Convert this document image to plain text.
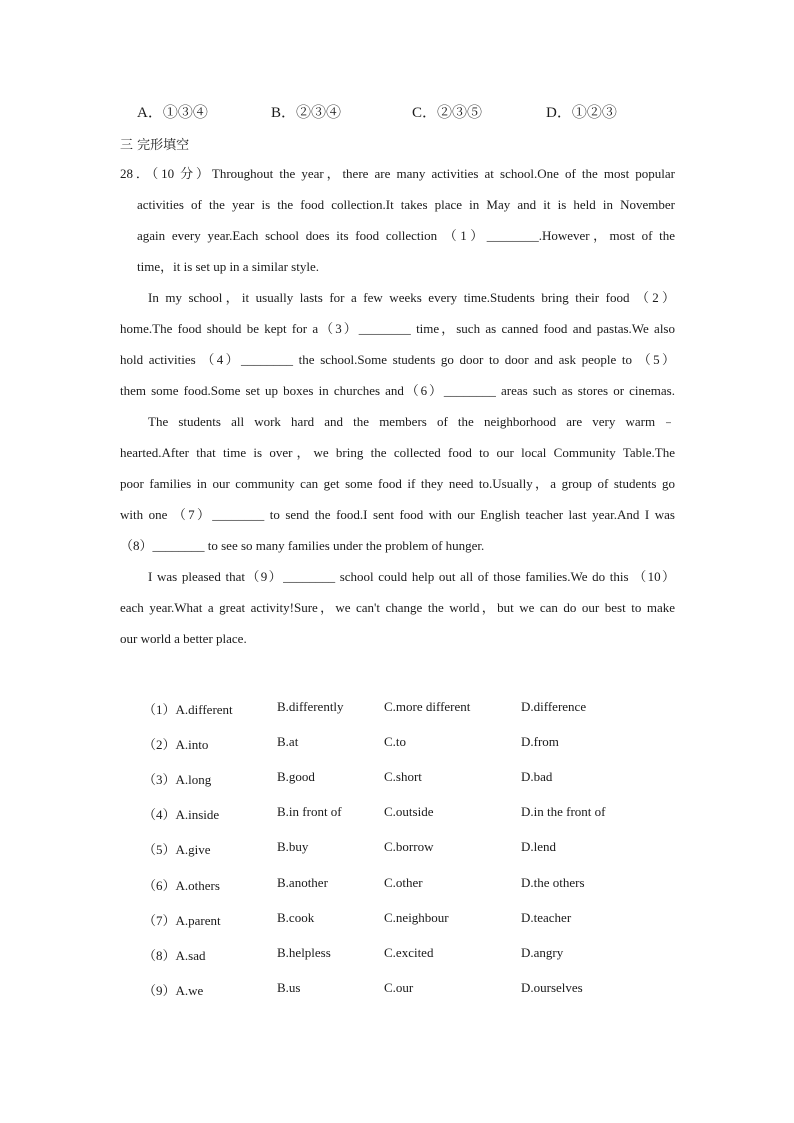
A．①③④	B．②③④	C．②③⑤	D．①②③
三 完形填空
28．（10 分）Throughout the year，there are many activities at school.One of the most popular
activities of the year is the food collection.It takes place in May and it is held in November
again every year.Each school does its food collection （1）________.However，most of the
time，it is set up in a similar style.
In my school，it usually lasts for a few weeks every time.Students bring their food （2）
home.The food should be kept for a（3）________ time，such as canned food and pastas.We also
hold activities （4）________ the school.Some students go door to door and ask people to （5）
them some food.Some set up boxes in churches and（6）________ areas such as stores or cinemas.
The students all work hard and the members of the neighborhood are very warm﹣
hearted.After that time is over，we bring the collected food to our local Community Table.The
poor families in our community can get some food if they need to.Usually，a group of students go
with one （7）________ to send the food.I sent food with our English teacher last year.And I was
（8）________ to see so many families under the problem of hunger.
I was pleased that（9）________ school could help out all of those families.We do this （10）
each year.What a great activity!Sure，we can't change the world，but we can do our best to make
our world a better place.
（1）A.different	B.differently	C.more different	D.difference
（2）A.into	B.at	C.to	D.from
（3）A.long	B.good	C.short	D.bad
（4）A.inside	B.in front of	C.outside	D.in the front of
（5）A.give	B.buy	C.borrow	D.lend
（6）A.others	B.another	C.other	D.the others
（7）A.parent	B.cook	C.neighbour	D.teacher
（8）A.sad	B.helpless	C.excited	D.angry
（9）A.we	B.us	C.our	D.ourselves
